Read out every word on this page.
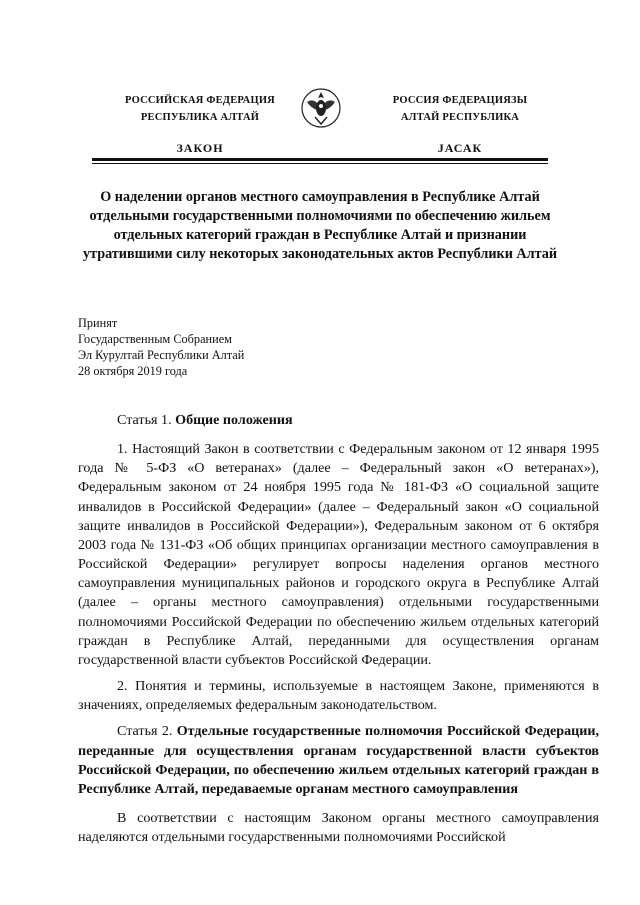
РОССИЙСКАЯ ФЕДЕРАЦИЯ
РЕСПУБЛИКА АЛТАЙ
ЗАКОН
РОССИЯ ФЕДЕРАЦИЯЗЫ
АЛТАЙ РЕСПУБЛИКА
JАСАК
О наделении органов местного самоуправления в Республике Алтай отдельными государственными полномочиями по обеспечению жильем отдельных категорий граждан в Республике Алтай и признании утратившими силу некоторых законодательных актов Республики Алтай
Принят
Государственным Собранием
Эл Курултай Республики Алтай
28 октября 2019 года

Статья 1. Общие положения

1. Настоящий Закон в соответствии с Федеральным законом от 12 января 1995 года № 5-ФЗ «О ветеранах» (далее – Федеральный закон «О ветеранах»), Федеральным законом от 24 ноября 1995 года № 181-ФЗ «О социальной защите инвалидов в Российской Федерации» (далее – Федеральный закон «О социальной защите инвалидов в Российской Федерации»), Федеральным законом от 6 октября 2003 года № 131-ФЗ «Об общих принципах организации местного самоуправления в Российской Федерации» регулирует вопросы наделения органов местного самоуправления муниципальных районов и городского округа в Республике Алтай (далее – органы местного самоуправления) отдельными государственными полномочиями Российской Федерации по обеспечению жильем отдельных категорий граждан в Республике Алтай, переданными для осуществления органам государственной власти субъектов Российской Федерации.

2. Понятия и термины, используемые в настоящем Законе, применяются в значениях, определяемых федеральным законодательством.

Статья 2. Отдельные государственные полномочия Российской Федерации, переданные для осуществления органам государственной власти субъектов Российской Федерации, по обеспечению жильем отдельных категорий граждан в Республике Алтай, передаваемые органам местного самоуправления

В соответствии с настоящим Законом органы местного самоуправления наделяются отдельными государственными полномочиями Российской
